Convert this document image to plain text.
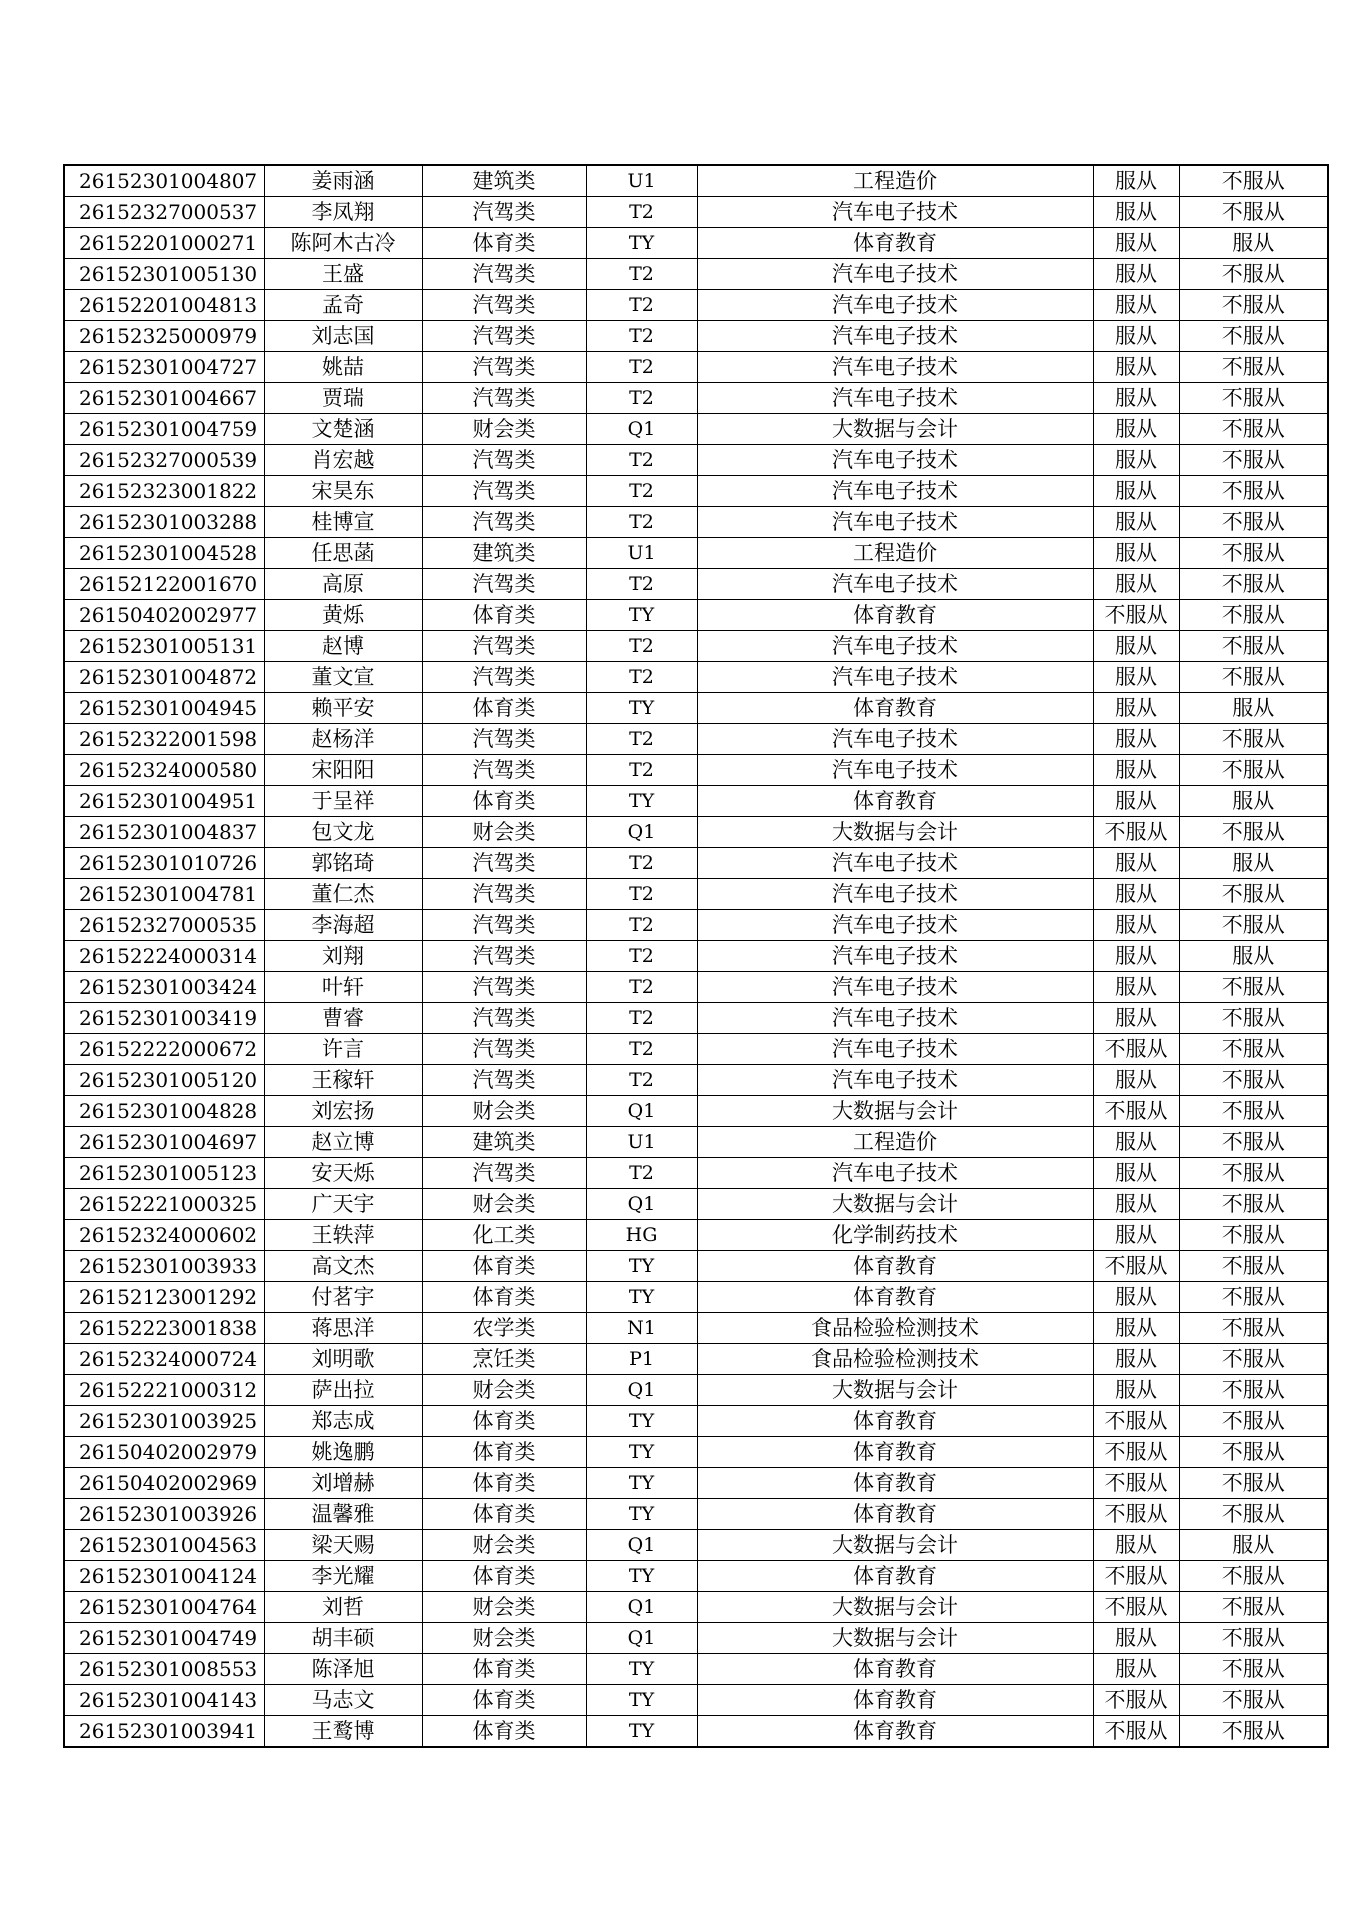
26152301004807	姜雨涵	建筑类	U1	工程造价	服从	不服从
26152327000537	李凤翔	汽驾类	T2	汽车电子技术	服从	不服从
26152201000271	陈阿木古冷	体育类	TY	体育教育	服从	服从
26152301005130	王盛	汽驾类	T2	汽车电子技术	服从	不服从
26152201004813	孟奇	汽驾类	T2	汽车电子技术	服从	不服从
26152325000979	刘志国	汽驾类	T2	汽车电子技术	服从	不服从
26152301004727	姚喆	汽驾类	T2	汽车电子技术	服从	不服从
26152301004667	贾瑞	汽驾类	T2	汽车电子技术	服从	不服从
26152301004759	文楚涵	财会类	Q1	大数据与会计	服从	不服从
26152327000539	肖宏越	汽驾类	T2	汽车电子技术	服从	不服从
26152323001822	宋昊东	汽驾类	T2	汽车电子技术	服从	不服从
26152301003288	桂博宣	汽驾类	T2	汽车电子技术	服从	不服从
26152301004528	任思菡	建筑类	U1	工程造价	服从	不服从
26152122001670	高原	汽驾类	T2	汽车电子技术	服从	不服从
26150402002977	黄烁	体育类	TY	体育教育	不服从	不服从
26152301005131	赵博	汽驾类	T2	汽车电子技术	服从	不服从
26152301004872	董文宣	汽驾类	T2	汽车电子技术	服从	不服从
26152301004945	赖平安	体育类	TY	体育教育	服从	服从
26152322001598	赵杨洋	汽驾类	T2	汽车电子技术	服从	不服从
26152324000580	宋阳阳	汽驾类	T2	汽车电子技术	服从	不服从
26152301004951	于呈祥	体育类	TY	体育教育	服从	服从
26152301004837	包文龙	财会类	Q1	大数据与会计	不服从	不服从
26152301010726	郭铭琦	汽驾类	T2	汽车电子技术	服从	服从
26152301004781	董仁杰	汽驾类	T2	汽车电子技术	服从	不服从
26152327000535	李海超	汽驾类	T2	汽车电子技术	服从	不服从
26152224000314	刘翔	汽驾类	T2	汽车电子技术	服从	服从
26152301003424	叶轩	汽驾类	T2	汽车电子技术	服从	不服从
26152301003419	曹睿	汽驾类	T2	汽车电子技术	服从	不服从
26152222000672	许言	汽驾类	T2	汽车电子技术	不服从	不服从
26152301005120	王稼轩	汽驾类	T2	汽车电子技术	服从	不服从
26152301004828	刘宏扬	财会类	Q1	大数据与会计	不服从	不服从
26152301004697	赵立博	建筑类	U1	工程造价	服从	不服从
26152301005123	安天烁	汽驾类	T2	汽车电子技术	服从	不服从
26152221000325	广天宇	财会类	Q1	大数据与会计	服从	不服从
26152324000602	王轶萍	化工类	HG	化学制药技术	服从	不服从
26152301003933	高文杰	体育类	TY	体育教育	不服从	不服从
26152123001292	付茗宇	体育类	TY	体育教育	服从	不服从
26152223001838	蒋思洋	农学类	N1	食品检验检测技术	服从	不服从
26152324000724	刘明歌	烹饪类	P1	食品检验检测技术	服从	不服从
26152221000312	萨出拉	财会类	Q1	大数据与会计	服从	不服从
26152301003925	郑志成	体育类	TY	体育教育	不服从	不服从
26150402002979	姚逸鹏	体育类	TY	体育教育	不服从	不服从
26150402002969	刘增赫	体育类	TY	体育教育	不服从	不服从
26152301003926	温馨雅	体育类	TY	体育教育	不服从	不服从
26152301004563	梁天赐	财会类	Q1	大数据与会计	服从	服从
26152301004124	李光耀	体育类	TY	体育教育	不服从	不服从
26152301004764	刘哲	财会类	Q1	大数据与会计	不服从	不服从
26152301004749	胡丰硕	财会类	Q1	大数据与会计	服从	不服从
26152301008553	陈泽旭	体育类	TY	体育教育	服从	不服从
26152301004143	马志文	体育类	TY	体育教育	不服从	不服从
26152301003941	王鹜博	体育类	TY	体育教育	不服从	不服从
